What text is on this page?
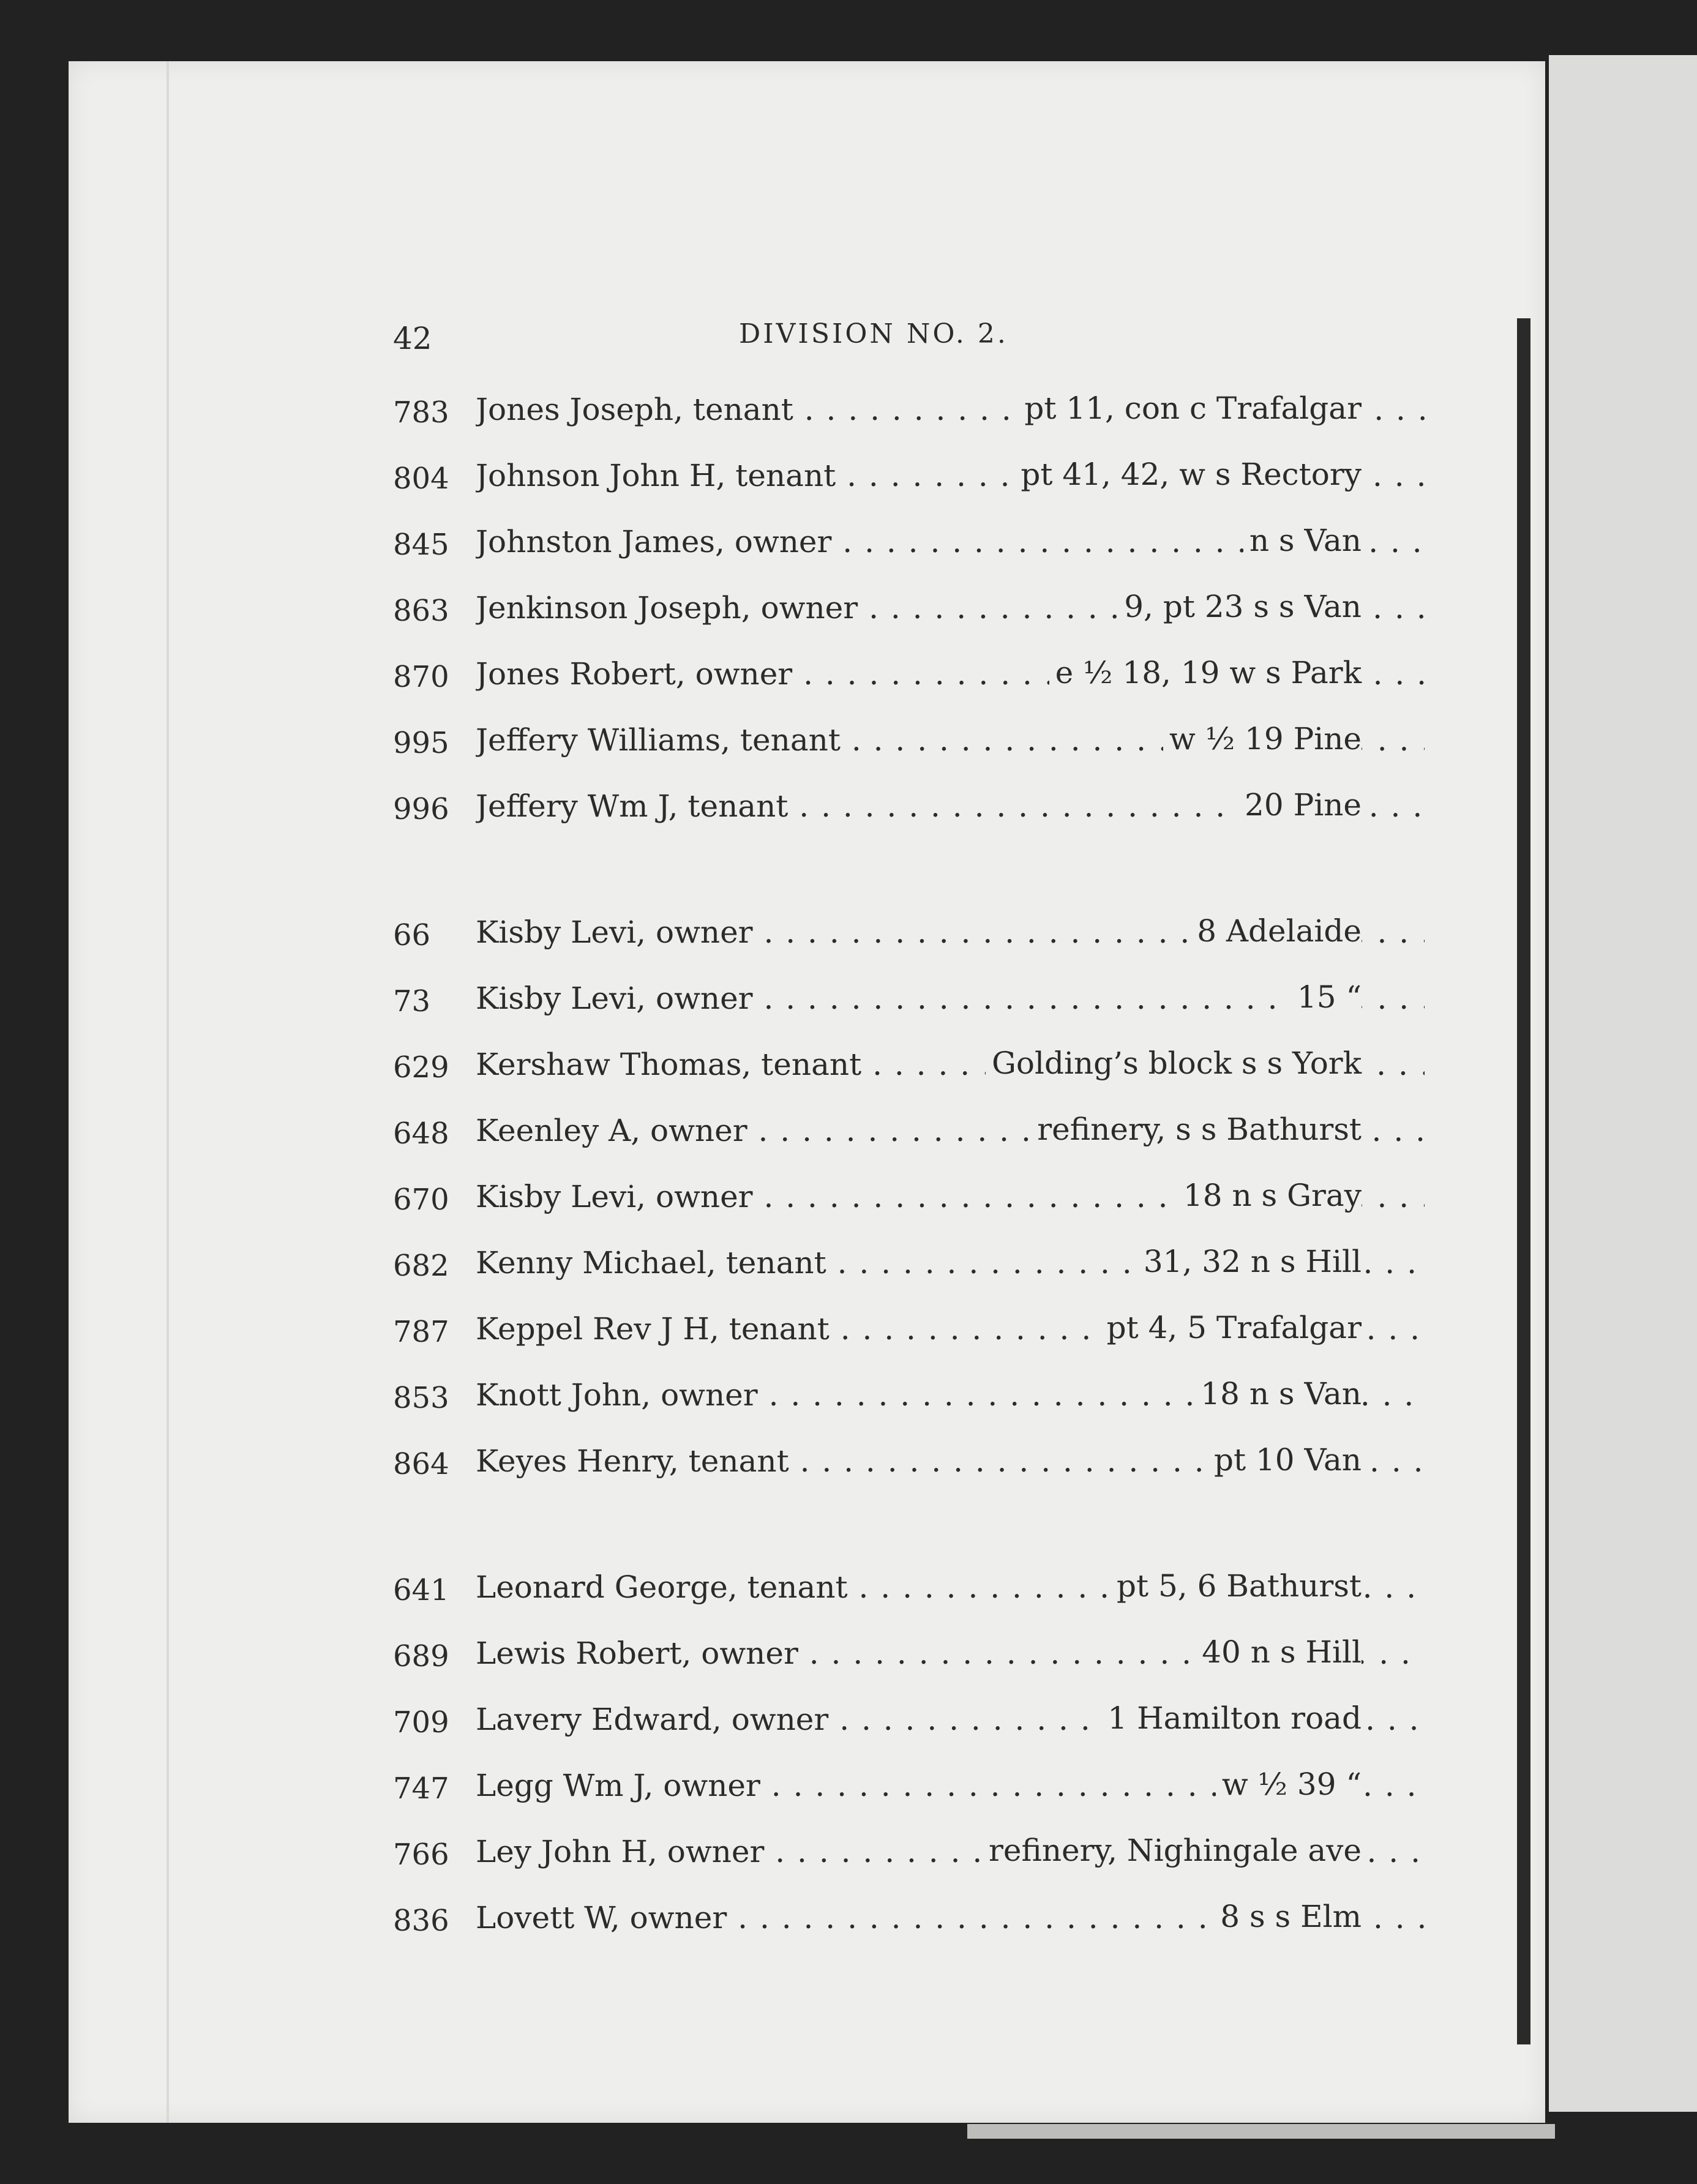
42	DIVISION NO. 2.
783 Jones Joseph, tenant . . .	pt 11, con c Trafalgar
804 Johnson John H, tenant . . .	pt 41, 42, w s Rectory
845 Johnston James, owner . . .	n s Van
863 Jenkinson Joseph, owner . . .	9, pt 23 s s Van
870 Jones Robert, owner . . .	e ½ 18, 19 w s Park
995 Jeffery Williams, tenant . . .	w ½ 19 Pine
996 Jeffery Wm J, tenant . . .	20 Pine
66	Kisby Levi, owner . . .	8 Adelaide
73	Kisby Levi, owner . . .	15 “
629 Kershaw Thomas, tenant . . .	Golding’s block s s York
648 Keenley A, owner . . .	refinery, s s Bathurst
670 Kisby Levi, owner . . .	18 n s Gray
682 Kenny Michael, tenant . . .	31, 32 n s Hill
787 Keppel Rev J H, tenant . . .	pt 4, 5 Trafalgar
853 Knott John, owner . . .	18 n s Van
864 Keyes Henry, tenant . . .	pt 10 Van
641 Leonard George, tenant . . .	pt 5, 6 Bathurst
689 Lewis Robert, owner . . .	40 n s Hill
709 Lavery Edward, owner . . .	1 Hamilton road
747 Legg Wm J, owner . . .	w ½ 39 “
766 Ley John H, owner . . .	refinery, Nighingale ave
836 Lovett W, owner . . .	8 s s Elm
